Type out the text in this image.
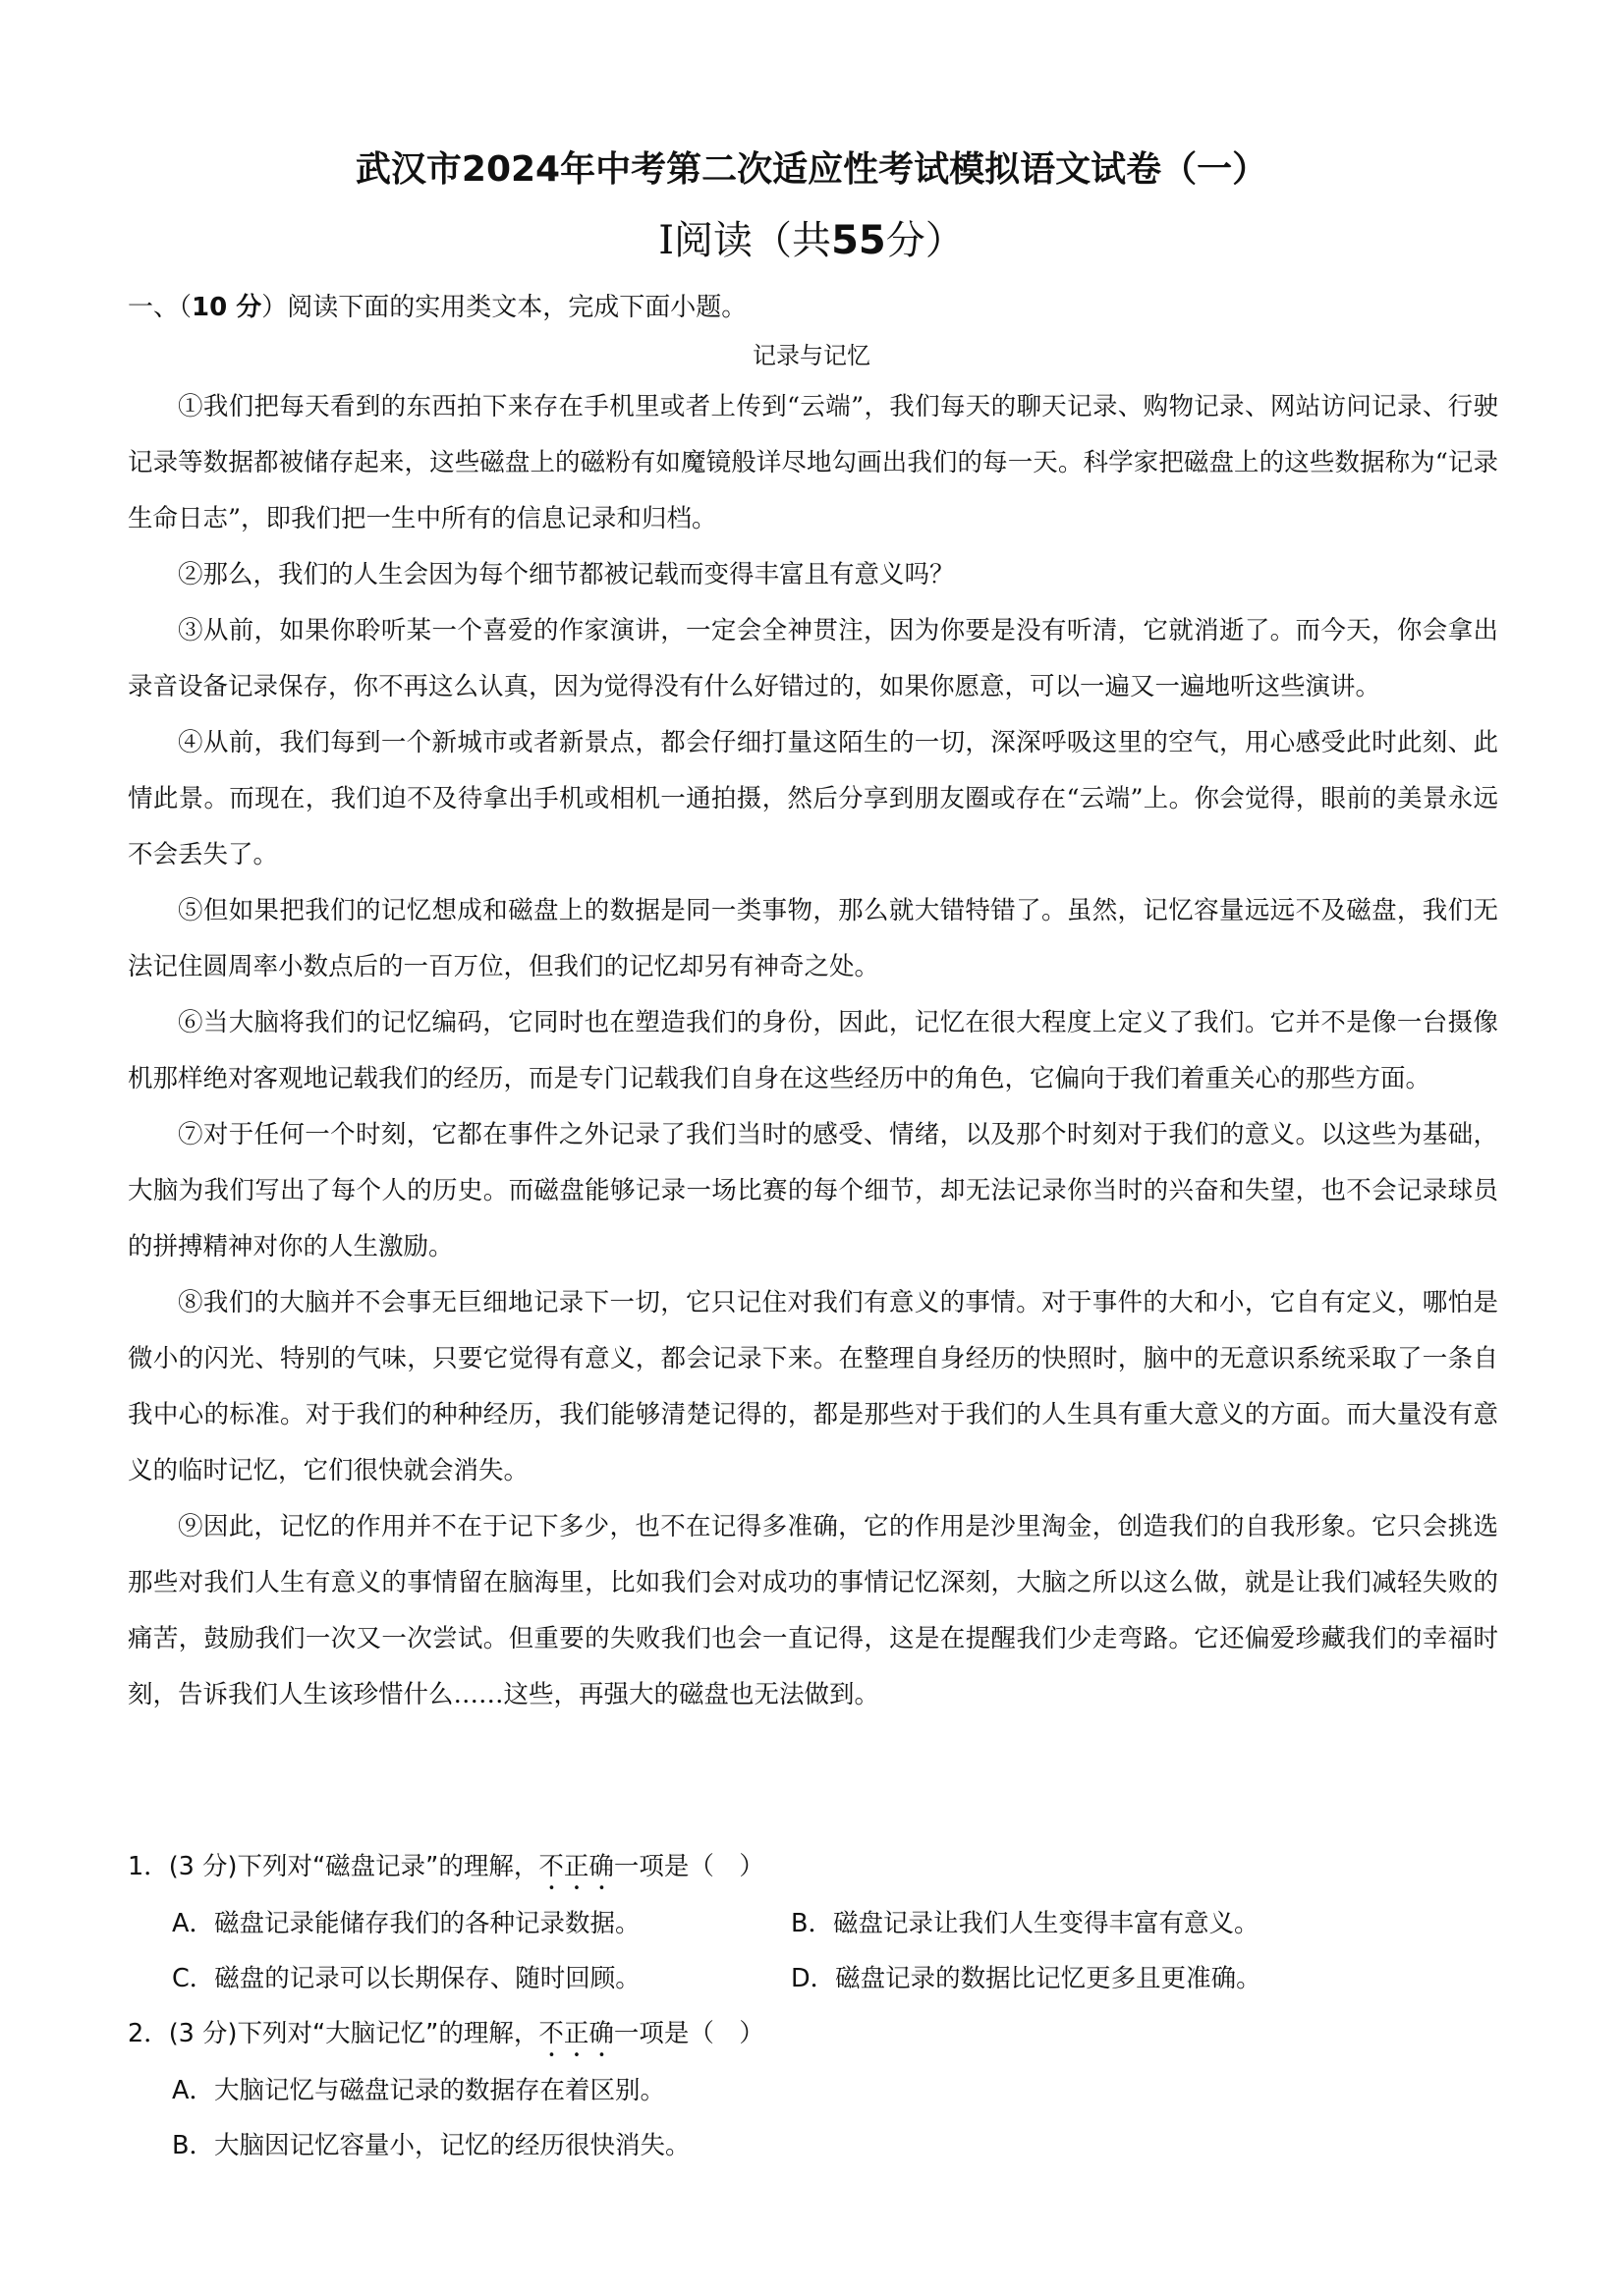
武汉市2024年中考第二次适应性考试模拟语文试卷（一）
Ⅰ阅读（共55分）
一、（10 分）阅读下面的实用类文本，完成下面小题。
记录与记忆

①我们把每天看到的东西拍下来存在手机里或者上传到“云端”，我们每天的聊天记录、购物记录、网站访问记录、行驶记录等数据都被储存起来，这些磁盘上的磁粉有如魔镜般详尽地勾画出我们的每一天。科学家把磁盘上的这些数据称为“记录生命日志”，即我们把一生中所有的信息记录和归档。

②那么，我们的人生会因为每个细节都被记载而变得丰富且有意义吗？

③从前，如果你聆听某一个喜爱的作家演讲，一定会全神贯注，因为你要是没有听清，它就消逝了。而今天，你会拿出录音设备记录保存，你不再这么认真，因为觉得没有什么好错过的，如果你愿意，可以一遍又一遍地听这些演讲。

④从前，我们每到一个新城市或者新景点，都会仔细打量这陌生的一切，深深呼吸这里的空气，用心感受此时此刻、此情此景。而现在，我们迫不及待拿出手机或相机一通拍摄，然后分享到朋友圈或存在“云端”上。你会觉得，眼前的美景永远不会丢失了。

⑤但如果把我们的记忆想成和磁盘上的数据是同一类事物，那么就大错特错了。虽然，记忆容量远远不及磁盘，我们无法记住圆周率小数点后的一百万位，但我们的记忆却另有神奇之处。

⑥当大脑将我们的记忆编码，它同时也在塑造我们的身份，因此，记忆在很大程度上定义了我们。它并不是像一台摄像机那样绝对客观地记载我们的经历，而是专门记载我们自身在这些经历中的角色，它偏向于我们着重关心的那些方面。

⑦对于任何一个时刻，它都在事件之外记录了我们当时的感受、情绪，以及那个时刻对于我们的意义。以这些为基础，大脑为我们写出了每个人的历史。而磁盘能够记录一场比赛的每个细节，却无法记录你当时的兴奋和失望，也不会记录球员的拼搏精神对你的人生激励。

⑧我们的大脑并不会事无巨细地记录下一切，它只记住对我们有意义的事情。对于事件的大和小，它自有定义，哪怕是微小的闪光、特别的气味，只要它觉得有意义，都会记录下来。在整理自身经历的快照时，脑中的无意识系统采取了一条自我中心的标准。对于我们的种种经历，我们能够清楚记得的，都是那些对于我们的人生具有重大意义的方面。而大量没有意义的临时记忆，它们很快就会消失。

⑨因此，记忆的作用并不在于记下多少，也不在记得多准确，它的作用是沙里淘金，创造我们的自我形象。它只会挑选那些对我们人生有意义的事情留在脑海里，比如我们会对成功的事情记忆深刻，大脑之所以这么做，就是让我们减轻失败的痛苦，鼓励我们一次又一次尝试。但重要的失败我们也会一直记得，这是在提醒我们少走弯路。它还偏爱珍藏我们的幸福时刻，告诉我们人生该珍惜什么……这些，再强大的磁盘也无法做到。

1．(3 分)下列对“磁盘记录”的理解，不正确一项是（　）
A．磁盘记录能储存我们的各种记录数据。	B．磁盘记录让我们人生变得丰富有意义。
C．磁盘的记录可以长期保存、随时回顾。	D．磁盘记录的数据比记忆更多且更准确。
2．(3 分)下列对“大脑记忆”的理解，不正确一项是（　）
A．大脑记忆与磁盘记录的数据存在着区别。
B．大脑因记忆容量小，记忆的经历很快消失。
